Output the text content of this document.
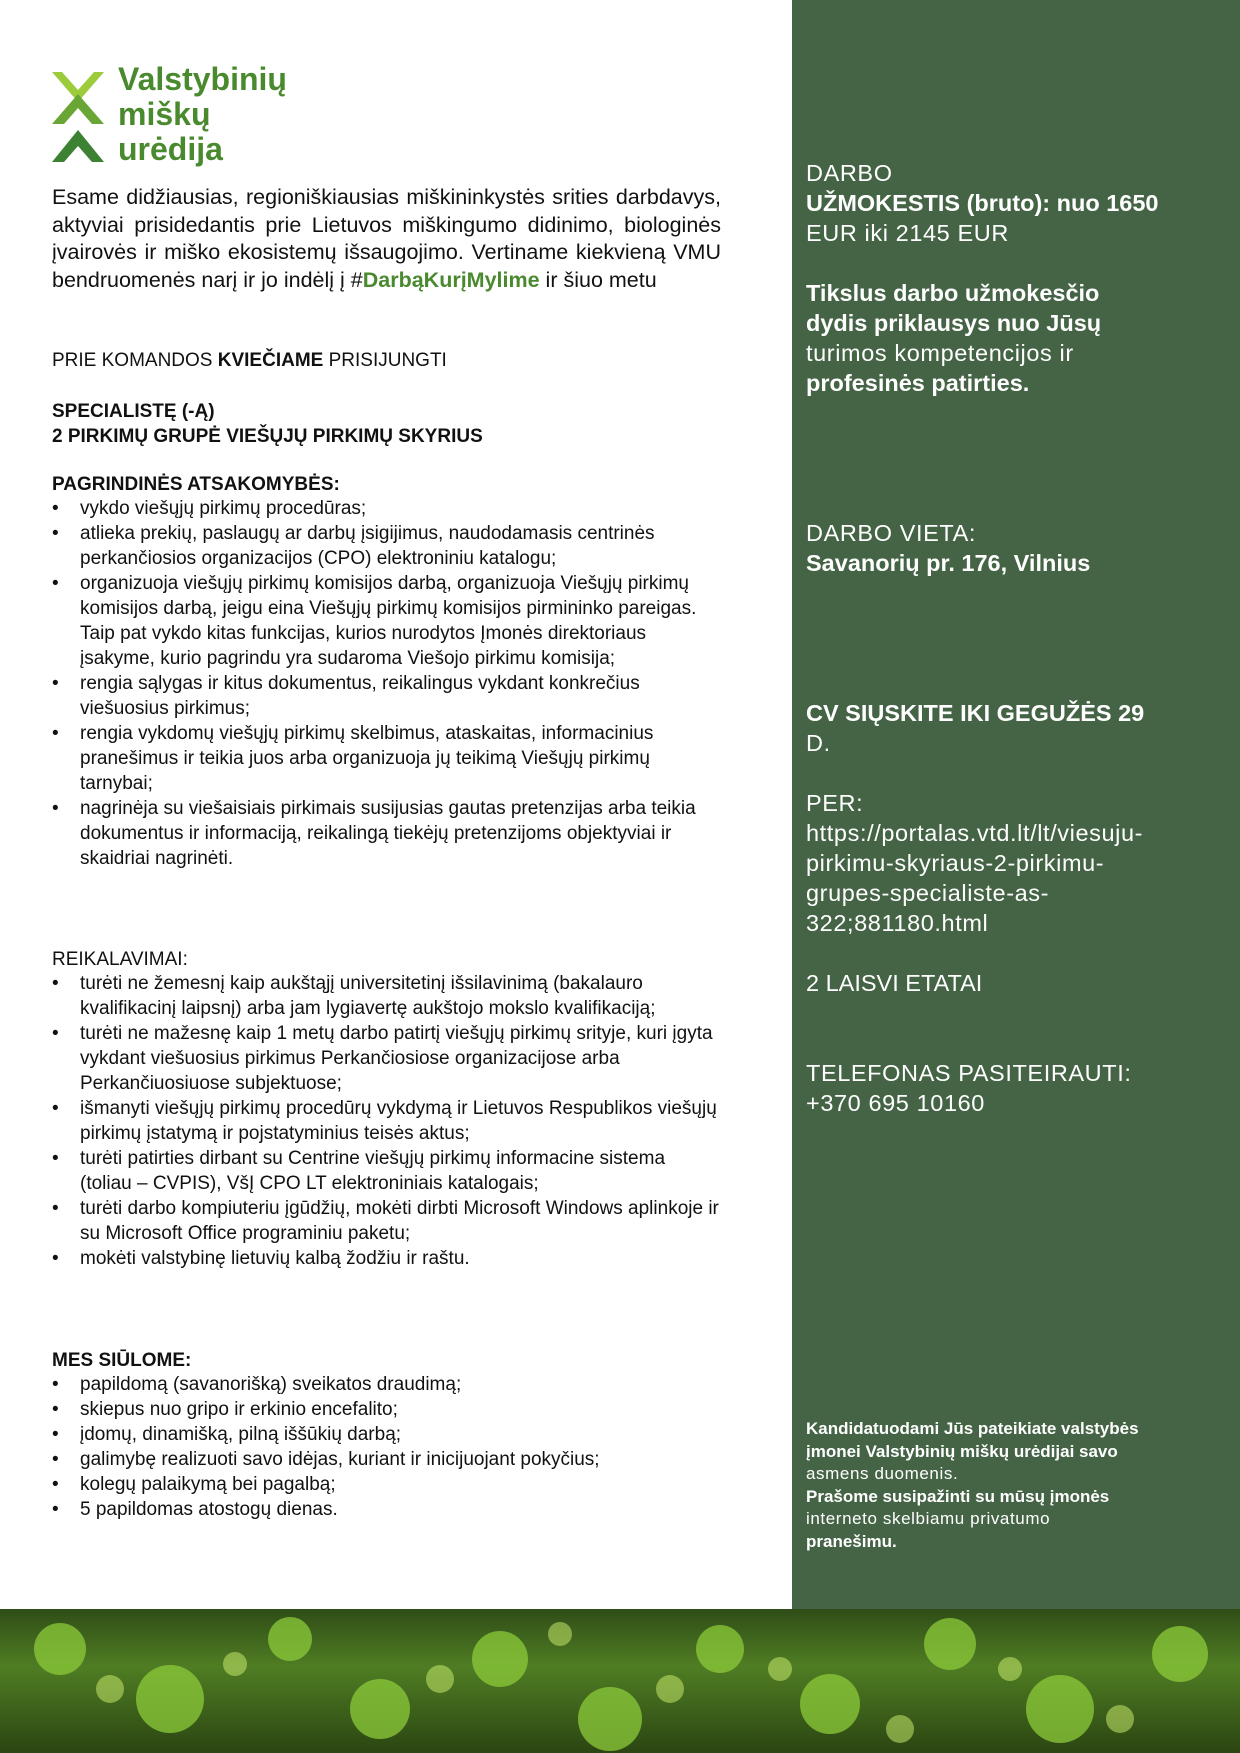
Valstybinių
miškų
urėdija
Esame didžiausias, regioniškiausias miškininkystės srities darbdavys, aktyviai prisidedantis prie Lietuvos miškingumo didinimo, biologinės įvairovės ir miško ekosistemų išsaugojimo. Vertiname kiekvieną VMU bendruomenės narį ir jo indėlį į #DarbąKurįMylime ir šiuo metu
PRIE KOMANDOS KVIEČIAME PRISIJUNGTI
SPECIALISTĘ (-Ą)
2 PIRKIMŲ GRUPĖ VIEŠŲJŲ PIRKIMŲ SKYRIUS
PAGRINDINĖS ATSAKOMYBĖS:
• vykdo viešųjų pirkimų procedūras;
• atlieka prekių, paslaugų ar darbų įsigijimus, naudodamasis centrinės perkančiosios organizacijos (CPO) elektroniniu katalogu;
• organizuoja viešųjų pirkimų komisijos darbą, organizuoja Viešųjų pirkimų komisijos darbą, jeigu eina Viešųjų pirkimų komisijos pirmininko pareigas. Taip pat vykdo kitas funkcijas, kurios nurodytos Įmonės direktoriaus įsakyme, kurio pagrindu yra sudaroma Viešojo pirkimu komisija;
• rengia sąlygas ir kitus dokumentus, reikalingus vykdant konkrečius viešuosius pirkimus;
• rengia vykdomų viešųjų pirkimų skelbimus, ataskaitas, informacinius pranešimus ir teikia juos arba organizuoja jų teikimą Viešųjų pirkimų tarnybai;
• nagrinėja su viešaisiais pirkimais susijusias gautas pretenzijas arba teikia dokumentus ir informaciją, reikalingą tiekėjų pretenzijoms objektyviai ir skaidriai nagrinėti.
REIKALAVIMAI:
• turėti ne žemesnį kaip aukštąjį universitetinį išsilavinimą (bakalauro kvalifikacinį laipsnį) arba jam lygiavertę aukštojo mokslo kvalifikaciją;
• turėti ne mažesnę kaip 1 metų darbo patirtį viešųjų pirkimų srityje, kuri įgyta vykdant viešuosius pirkimus Perkančiosiose organizacijose arba Perkančiuosiuose subjektuose;
• išmanyti viešųjų pirkimų procedūrų vykdymą ir Lietuvos Respublikos viešųjų pirkimų įstatymą ir pojstatyminius teisės aktus;
• turėti patirties dirbant su Centrine viešųjų pirkimų informacine sistema (toliau – CVPIS), VšĮ CPO LT elektroniniais katalogais;
• turėti darbo kompiuteriu įgūdžių, mokėti dirbti Microsoft Windows aplinkoje ir su Microsoft Office programiniu paketu;
• mokėti valstybinę lietuvių kalbą žodžiu ir raštu.
MES SIŪLOME:
• papildomą (savanorišką) sveikatos draudimą;
• skiepus nuo gripo ir erkinio encefalito;
• įdomų, dinamišką, pilną iššūkių darbą;
• galimybę realizuoti savo idėjas, kuriant ir inicijuojant pokyčius;
• kolegų palaikymą bei pagalbą;
• 5 papildomas atostogų dienas.
DARBO
UŽMOKESTIS (bruto): nuo 1650
EUR iki 2145 EUR
Tikslus darbo užmokesčio
dydis priklausys nuo Jūsų
turimos kompetencijos ir
profesinės patirties.
DARBO VIETA:
Savanorių pr. 176, Vilnius
CV SIŲSKITE IKI GEGUŽĖS 29
D.
PER:
https://portalas.vtd.lt/lt/viesuju-
pirkimu-skyriaus-2-pirkimu-
grupes-specialiste-as-
322;881180.html
2 LAISVI ETATAI
TELEFONAS PASITEIRAUTI:
+370 695 10160
Kandidatuodami Jūs pateikiate valstybės
įmonei Valstybinių miškų urėdijai savo
asmens duomenis.
Prašome susipažinti su mūsų įmonės
interneto skelbiamu privatumo
pranešimu.
